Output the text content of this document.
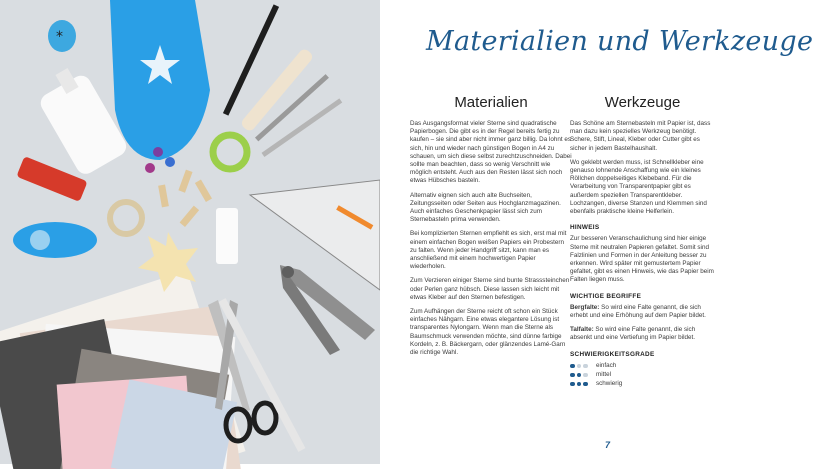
*	Materialien und Werkzeuge
Materialien

Das Ausgangsformat vieler Sterne sind quadratische Papierbogen. Die gibt es in der Regel bereits fertig zu kaufen – sie sind aber nicht immer ganz billig. Da lohnt es sich, hin und wieder nach günstigen Bogen in A4 zu schauen, um sich diese selbst zurechtzuschneiden. Dabei sollte man beachten, dass so wenig Verschnitt wie möglich entsteht. Auch aus den Resten lässt sich noch etwas Hübsches basteln.

Alternativ eignen sich auch alte Buchseiten, Zeitungsseiten oder Seiten aus Hochglanzmagazinen. Auch einfaches Geschenkpapier lässt sich zum Sternebasteln prima verwenden.

Bei komplizierten Sternen empfiehlt es sich, erst mal mit einem einfachen Bogen weißen Papiers ein Probestern zu falten. Wenn jeder Handgriff sitzt, kann man es anschließend mit einem hochwertigen Papier wiederholen.

Zum Verzieren einiger Sterne sind bunte Strasssteinchen oder Perlen ganz hübsch. Diese lassen sich leicht mit etwas Kleber auf den Sternen befestigen.

Zum Aufhängen der Sterne reicht oft schon ein Stück einfaches Nähgarn. Eine etwas elegantere Lösung ist transparentes Nylongarn. Wenn man die Sterne als Baumschmuck verwenden möchte, sind dünne farbige Kordeln, z. B. Bäckergarn, oder glänzendes Lamé-Garn die richtige Wahl.

Werkzeuge

Das Schöne am Sternebasteln mit Papier ist, dass man dazu kein spezielles Werkzeug benötigt. Schere, Stift, Lineal, Kleber oder Cutter gibt es sicher in jedem Bastelhaushalt.

Wo geklebt werden muss, ist Schnellkleber eine genauso lohnende Anschaffung wie ein kleines Röllchen doppelseitiges Klebeband. Für die Verarbeitung von Transparentpapier gibt es außerdem speziellen Transparentkleber. Lochzangen, diverse Stanzen und Klemmen sind ebenfalls praktische kleine Helferlein.

HINWEIS

Zur besseren Veranschaulichung sind hier einige Sterne mit neutralen Papieren gefaltet. Somit sind Falzlinien und Formen in der Anleitung besser zu erkennen. Wird später mit gemustertem Papier gefaltet, gibt es einen Hinweis, wie das Papier beim Falten liegen muss.

WICHTIGE BEGRIFFE

Bergfalte: So wird eine Falte genannt, die sich erhebt und eine Erhöhung auf dem Papier bildet.

Talfalte: So wird eine Falte genannt, die sich absenkt und eine Vertiefung im Papier bildet.

SCHWIERIGKEITSGRADE
einfach
mittel
schwierig
7
